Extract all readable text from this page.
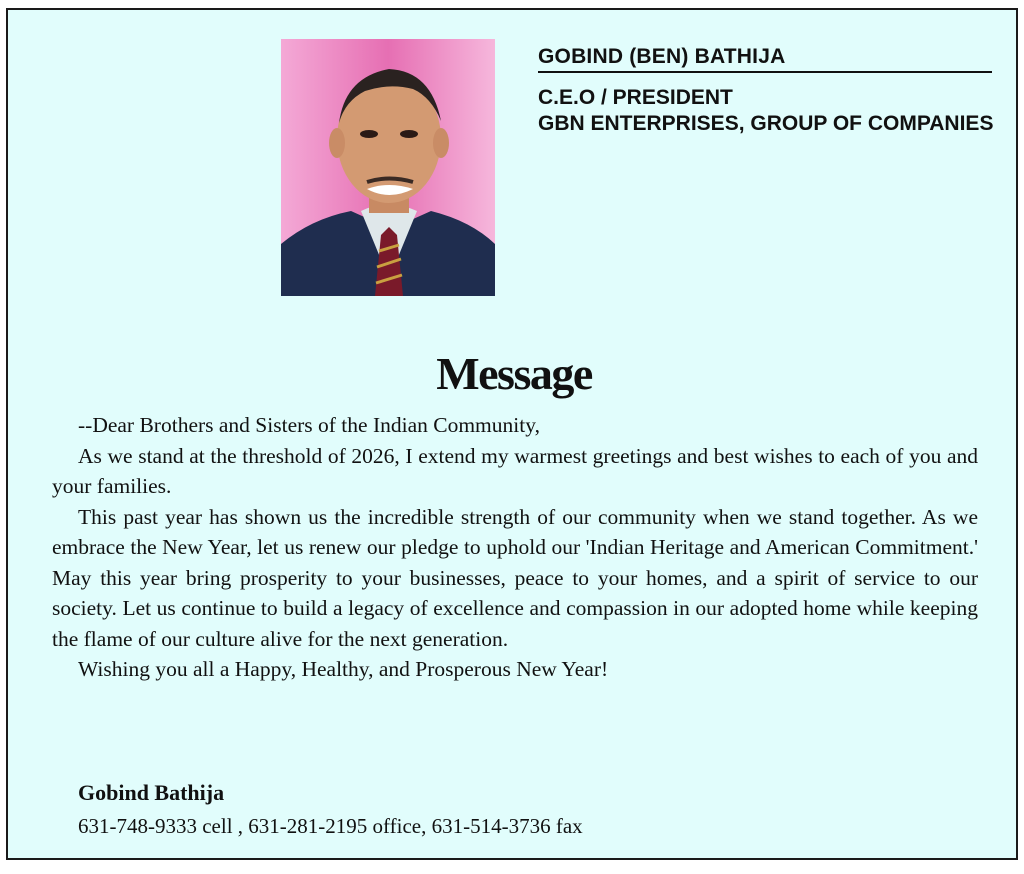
GOBIND (BEN) BATHIJA
C.E.O / PRESIDENT
GBN ENTERPRISES, GROUP OF COMPANIES
Message

--Dear Brothers and Sisters of the Indian Community,

As we stand at the threshold of 2026, I extend my warmest greetings and best wishes to each of you and your families.

This past year has shown us the incredible strength of our community when we stand together. As we embrace the New Year, let us renew our pledge to uphold our 'Indian Heritage and American Commitment.' May this year bring prosperity to your businesses, peace to your homes, and a spirit of service to our society. Let us continue to build a legacy of excellence and compassion in our adopted home while keeping the flame of our culture alive for the next generation.

Wishing you all a Happy, Healthy, and Prosperous New Year!

Gobind Bathija
631-748-9333 cell , 631-281-2195 office, 631-514-3736 fax
